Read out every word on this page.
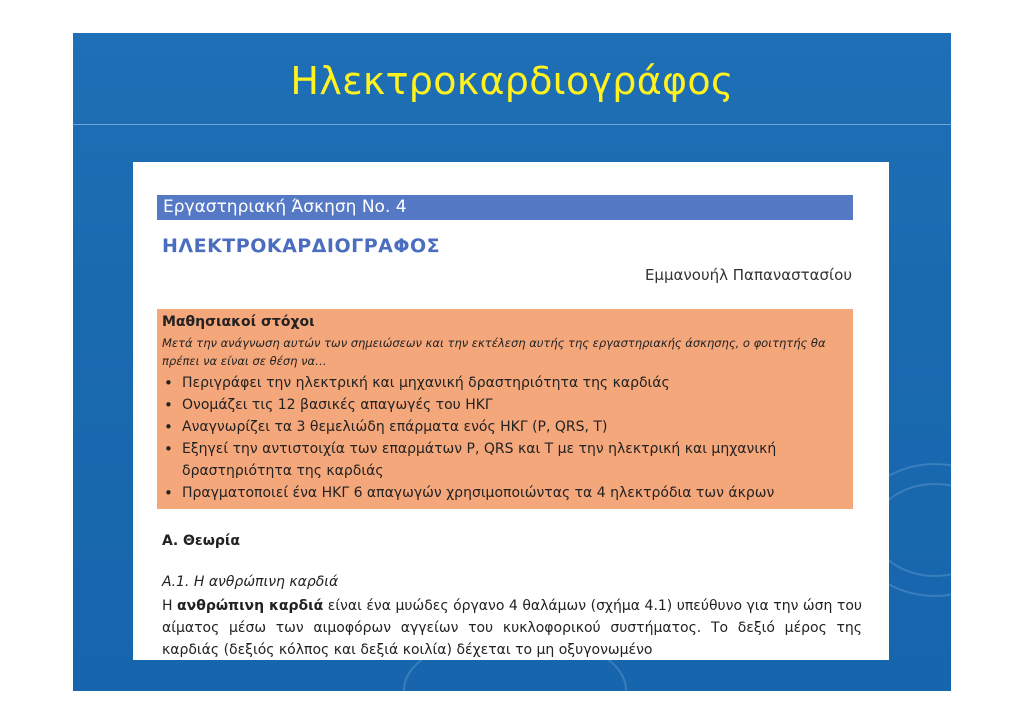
Ηλεκτροκαρδιογράφος
Εργαστηριακή Άσκηση Νο. 4
ΗΛΕΚΤΡΟΚΑΡΔΙΟΓΡΑΦΟΣ
Εμμανουήλ Παπαναστασίου
Μαθησιακοί στόχοι
Μετά την ανάγνωση αυτών των σημειώσεων και την εκτέλεση αυτής της εργαστηριακής άσκησης, ο φοιτητής θα πρέπει να είναι σε θέση να…
• Περιγράφει την ηλεκτρική και μηχανική δραστηριότητα της καρδιάς
• Ονομάζει τις 12 βασικές απαγωγές του ΗΚΓ
• Αναγνωρίζει τα 3 θεμελιώδη επάρματα ενός ΗΚΓ (P, QRS, T)
• Εξηγεί την αντιστοιχία των επαρμάτων P, QRS και T με την ηλεκτρική και μηχανική δραστηριότητα της καρδιάς
• Πραγματοποιεί ένα ΗΚΓ 6 απαγωγών χρησιμοποιώντας τα 4 ηλεκτρόδια των άκρων
Α. Θεωρία
Α.1. Η ανθρώπινη καρδιά
Η ανθρώπινη καρδιά είναι ένα μυώδες όργανο 4 θαλάμων (σχήμα 4.1) υπεύθυνο για την ώση του αίματος μέσω των αιμοφόρων αγγείων του κυκλοφορικού συστήματος. Το δεξιό μέρος της καρδιάς (δεξιός κόλπος και δεξιά κοιλία) δέχεται το μη οξυγονωμένο
